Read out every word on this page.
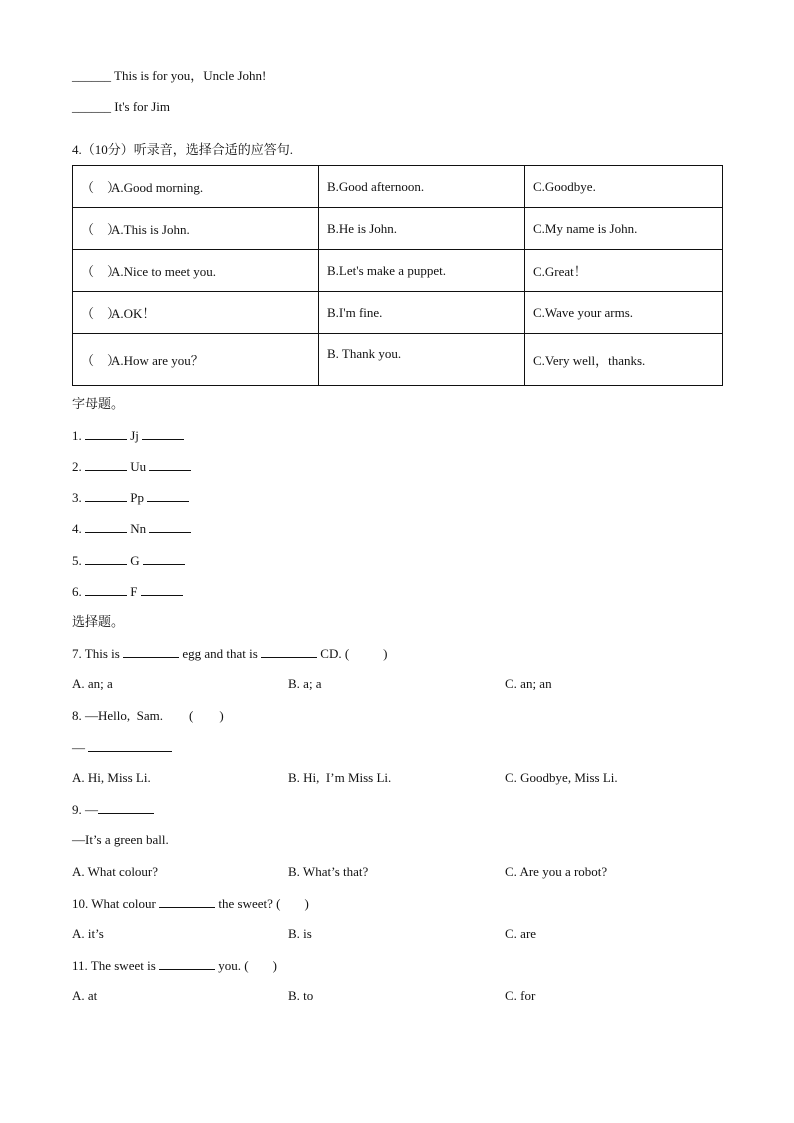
______ This is for you，Uncle John!
______ It's for Jim
4.（10分）听录音，选择合适的应答句.
（　）A.Good morning.	B.Good afternoon.	C.Goodbye.
（　）A.This is John.	B.He is John.	C.My name is John.
（　）A.Nice to meet you.	B.Let's make a puppet.	C.Great！
（　）A.OK！	B.I'm fine.	C.Wave your arms.
（　）A.How are you？	B. Thank you.	C.Very well，thanks.
字母题。
1.	Jj
2.	Uu
3.	Pp
4.	Nn
5.	G
6.	F
选择题。
7. This is	egg and that is	CD. (	)
A. an; a	B. a; a	C. an; an
8. —Hello,  Sam. (　　)
—
A. Hi, Miss Li.	B. Hi,  I’m Miss Li.	C. Goodbye, Miss Li.
9. —
—It’s a green ball.
A. What colour?	B. What’s that?	C. Are you a robot?
10. What colour	the sweet? ( )
A. it’s	B. is	C. are
11. The sweet is	you. ( )
A. at	B. to	C. for
